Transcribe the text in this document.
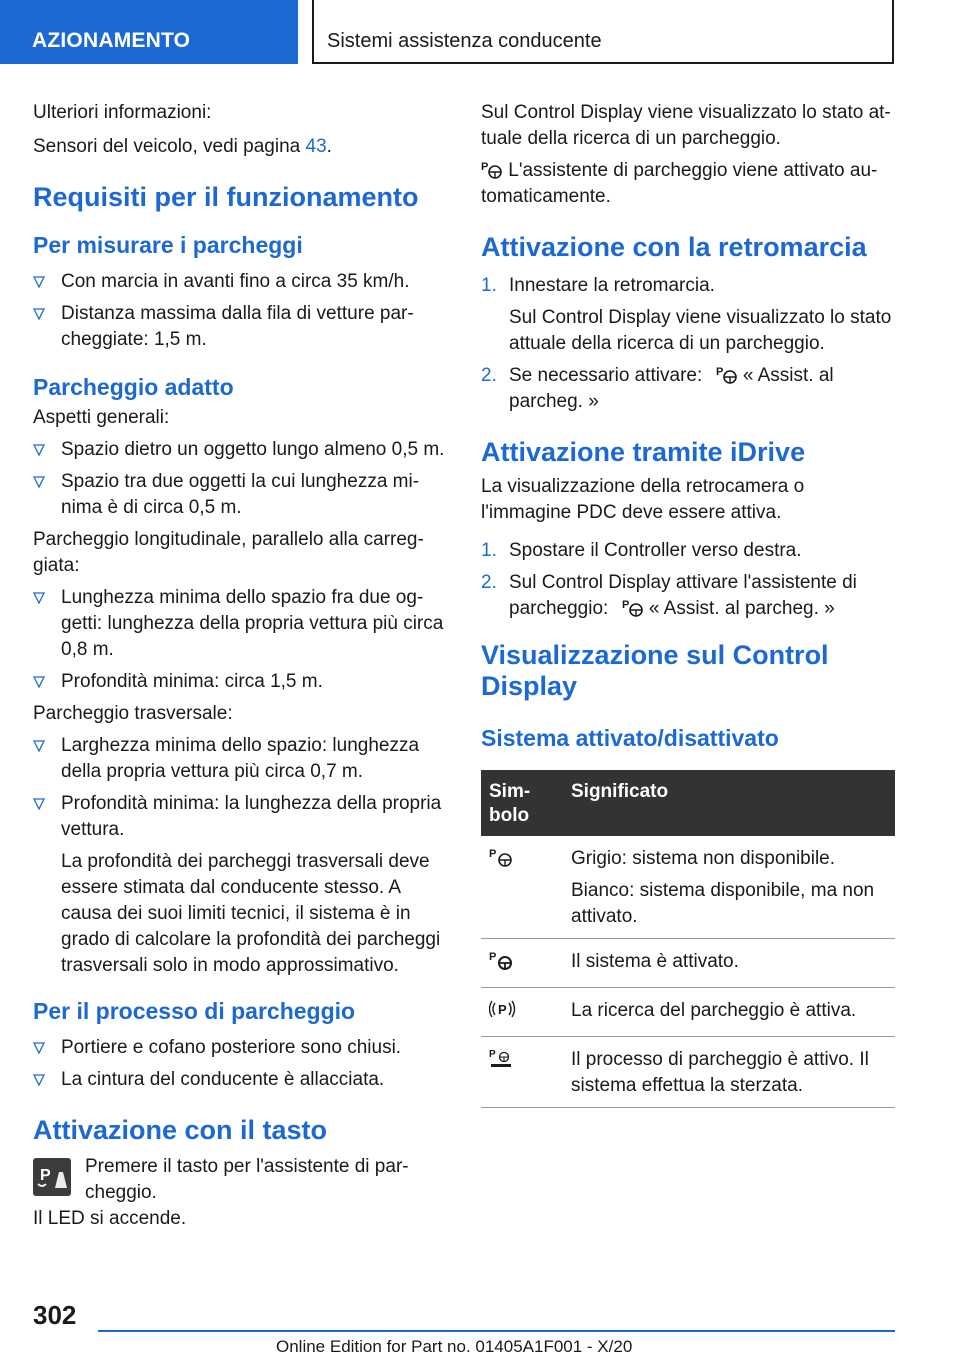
AZIONAMENTO	Sistemi assistenza conducente

Ulteriori informazioni:

Sensori del veicolo, vedi pagina 43.

Requisiti per il funzionamento
Per misurare i parcheggi
Con marcia in avanti fino a circa 35 km/h.
Distanza massima dalla fila di vetture parcheggiate: 1,5 m.
Parcheggio adatto

Aspetti generali:

Spazio dietro un oggetto lungo almeno 0,5 m.
Spazio tra due oggetti la cui lunghezza minima è di circa 0,5 m.

Parcheggio longitudinale, parallelo alla carreggiata:

Lunghezza minima dello spazio fra due oggetti: lunghezza della propria vettura più circa 0,8 m.
Profondità minima: circa 1,5 m.

Parcheggio trasversale:

Larghezza minima dello spazio: lunghezza della propria vettura più circa 0,7 m.
Profondità minima: la lunghezza della propria vettura.

La profondità dei parcheggi trasversali deve essere stimata dal conducente stesso. A causa dei suoi limiti tecnici, il sistema è in grado di calcolare la profondità dei parcheggi trasversali solo in modo approssimativo.

Per il processo di parcheggio
Portiere e cofano posteriore sono chiusi.
La cintura del conducente è allacciata.
Attivazione con il tasto
P Premere il tasto per l'assistente di parcheggio.

Il LED si accende.

Sul Control Display viene visualizzato lo stato attuale della ricerca di un parcheggio.

P L'assistente di parcheggio viene attivato automaticamente.

Attivazione con la retromarcia
1. Innestare la retromarcia.

Sul Control Display viene visualizzato lo stato attuale della ricerca di un parcheggio.

2. Se necessario attivare: P « Assist. al parcheg. »
Attivazione tramite iDrive

La visualizzazione della retrocamera o l'immagine PDC deve essere attiva.

1. Spostare il Controller verso destra.
2. Sul Control Display attivare l'assistente di parcheggio: P « Assist. al parcheg. »
Visualizzazione sul Control Display
Sistema attivato/disattivato
Simbolo	Significato

P	Grigio: sistema non disponibile.

Bianco: sistema disponibile, ma non attivato.

P	Il sistema è attivato.

P	La ricerca del parcheggio è attiva.

P	Il processo di parcheggio è attivo. Il sistema effettua la sterzata.

302
Online Edition for Part no. 01405A1F001 - X/20
